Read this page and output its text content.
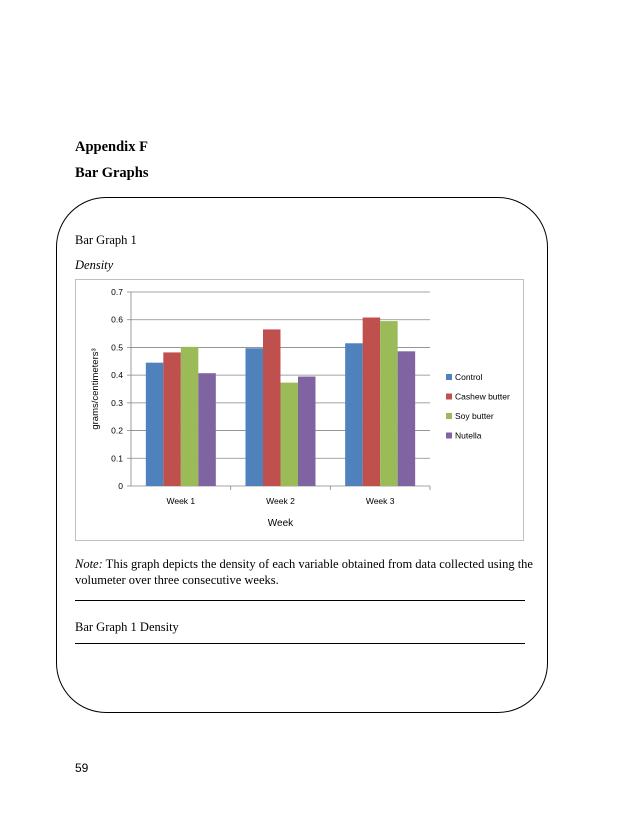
Appendix F
Bar Graphs
Bar Graph 1
Density
0
0.1
0.2
0.3
0.4
0.5
0.6
0.7
Week 1	Week 2	Week 3
Week
grams/centimeters³	Control
Cashew butter
Soy butter
Nutella
Note: This graph depicts the density of each variable obtained from data collected using the volumeter over three consecutive weeks.
Bar Graph 1 Density
59
